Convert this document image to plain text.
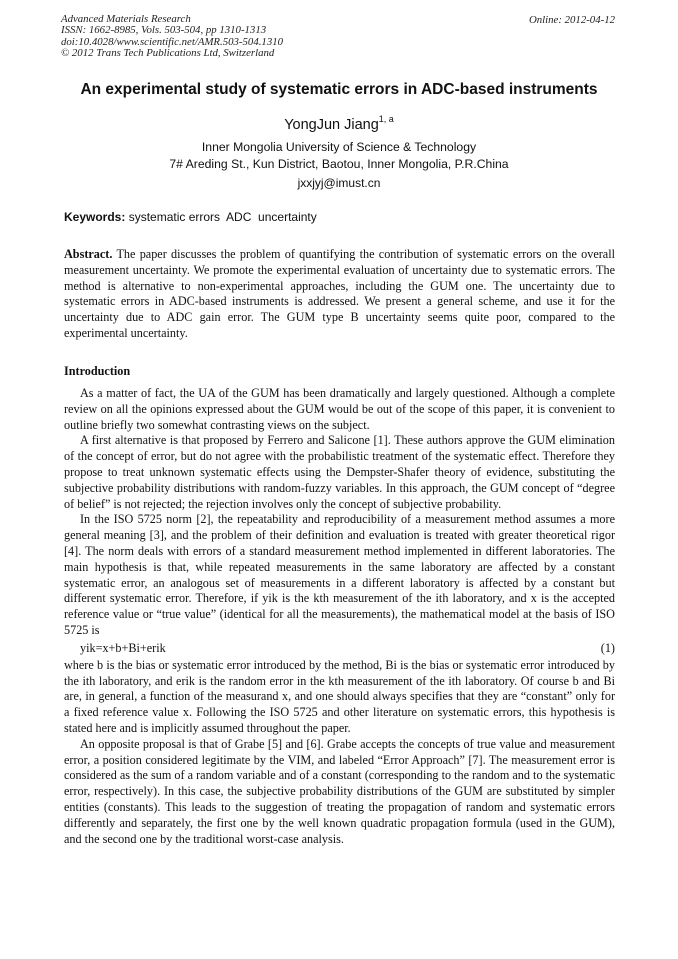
Advanced Materials Research
ISSN: 1662-8985, Vols. 503-504, pp 1310-1313
doi:10.4028/www.scientific.net/AMR.503-504.1310
© 2012 Trans Tech Publications Ltd, Switzerland
Online: 2012-04-12
An experimental study of systematic errors in ADC-based instruments
YongJun Jiang$^{1, a}$
Inner Mongolia University of Science & Technology
7# Areding St., Kun District, Baotou, Inner Mongolia, P.R.China
jxxjyj@imust.cn
Keywords: systematic errors  ADC  uncertainty
Abstract. The paper discusses the problem of quantifying the contribution of systematic errors on the overall measurement uncertainty. We promote the experimental evaluation of uncertainty due to systematic errors. The method is alternative to non-experimental approaches, including the GUM one. The uncertainty due to systematic errors in ADC-based instruments is addressed. We present a general scheme, and use it for the uncertainty due to ADC gain error. The GUM type B uncertainty seems quite poor, compared to the experimental uncertainty.
Introduction

As a matter of fact, the UA of the GUM has been dramatically and largely questioned. Although a complete review on all the opinions expressed about the GUM would be out of the scope of this paper, it is convenient to outline briefly two somewhat contrasting views on the subject.

A first alternative is that proposed by Ferrero and Salicone [1]. These authors approve the GUM elimination of the concept of error, but do not agree with the probabilistic treatment of the systematic effect. Therefore they propose to treat unknown systematic effects using the Dempster-Shafer theory of evidence, substituting the subjective probability distributions with random-fuzzy variables. In this approach, the GUM concept of “degree of belief” is not rejected; the rejection involves only the concept of subjective probability.

In the ISO 5725 norm [2], the repeatability and reproducibility of a measurement method assumes a more general meaning [3], and the problem of their definition and evaluation is treated with greater theoretical rigor [4]. The norm deals with errors of a standard measurement method implemented in different laboratories. The main hypothesis is that, while repeated measurements in the same laboratory are affected by a constant systematic error, an analogous set of measurements in a different laboratory is affected by a constant but different systematic error. Therefore, if yik is the kth measurement of the ith laboratory, and x is the accepted reference value or “true value” (identical for all the measurements), the mathematical model at the basis of ISO 5725 is

yik=x+b+Bi+erik	(1)

where b is the bias or systematic error introduced by the method, Bi is the bias or systematic error introduced by the ith laboratory, and erik is the random error in the kth measurement of the ith laboratory. Of course b and Bi are, in general, a function of the measurand x, and one should always specifies that they are “constant” only for a fixed reference value x. Following the ISO 5725 and other literature on systematic errors, this hypothesis is stated here and is implicitly assumed throughout the paper.

An opposite proposal is that of Grabe [5] and [6]. Grabe accepts the concepts of true value and measurement error, a position considered legitimate by the VIM, and labeled “Error Approach” [7]. The measurement error is considered as the sum of a random variable and of a constant (corresponding to the random and to the systematic error, respectively). In this case, the subjective probability distributions of the GUM are substituted by simpler entities (constants). This leads to the suggestion of treating the propagation of random and systematic errors differently and separately, the first one by the well known quadratic propagation formula (used in the GUM), and the second one by the traditional worst-case analysis.
